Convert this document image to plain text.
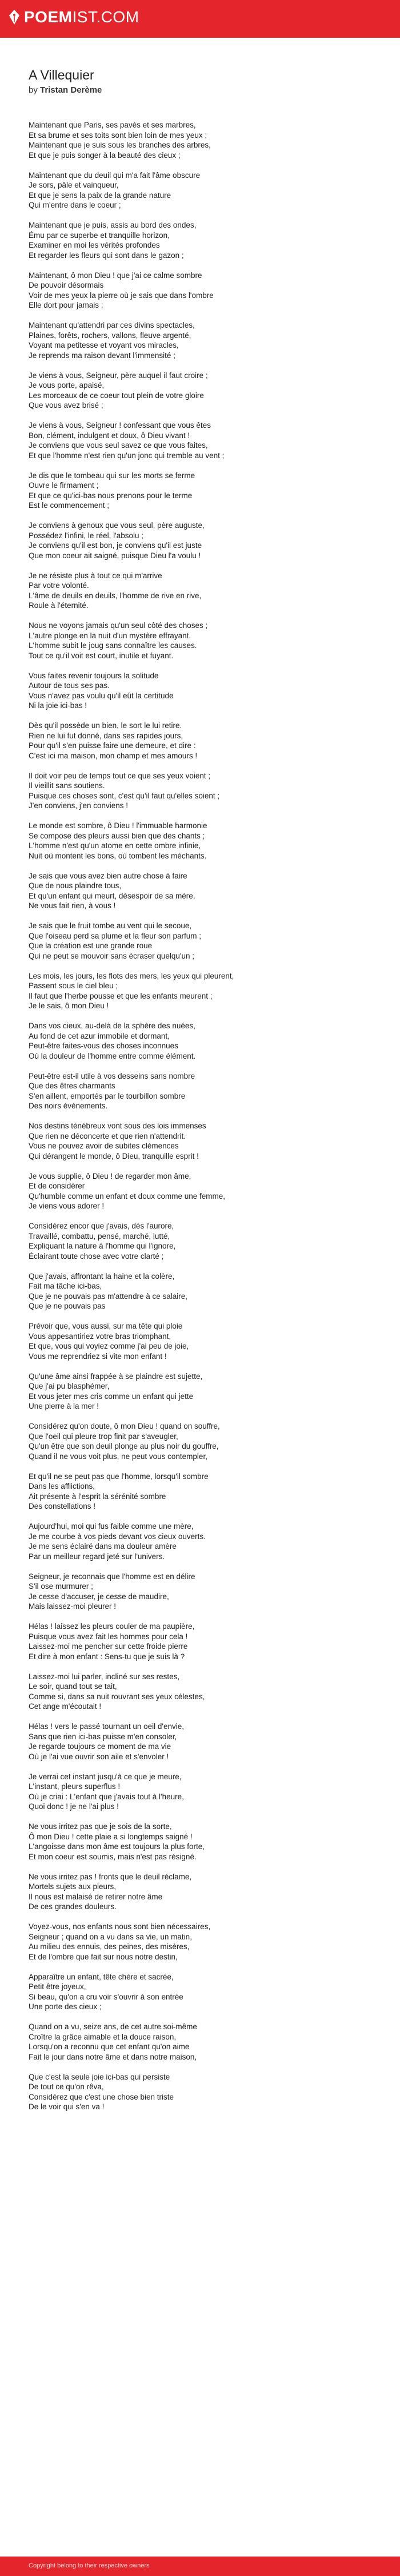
POEMIST.COM
A Villequier
by Tristan Derème
Maintenant que Paris, ses pavés et ses marbres,
Et sa brume et ses toits sont bien loin de mes yeux ;
Maintenant que je suis sous les branches des arbres,
Et que je puis songer à la beauté des cieux ;
Maintenant que du deuil qui m'a fait l'âme obscure
Je sors, pâle et vainqueur,
Et que je sens la paix de la grande nature
Qui m'entre dans le coeur ;
Maintenant que je puis, assis au bord des ondes,
Ému par ce superbe et tranquille horizon,
Examiner en moi les vérités profondes
Et regarder les fleurs qui sont dans le gazon ;
Maintenant, ô mon Dieu ! que j'ai ce calme sombre
De pouvoir désormais
Voir de mes yeux la pierre où je sais que dans l'ombre
Elle dort pour jamais ;
Maintenant qu'attendri par ces divins spectacles,
Plaines, forêts, rochers, vallons, fleuve argenté,
Voyant ma petitesse et voyant vos miracles,
Je reprends ma raison devant l'immensité ;
Je viens à vous, Seigneur, père auquel il faut croire ;
Je vous porte, apaisé,
Les morceaux de ce coeur tout plein de votre gloire
Que vous avez brisé ;
Je viens à vous, Seigneur ! confessant que vous êtes
Bon, clément, indulgent et doux, ô Dieu vivant !
Je conviens que vous seul savez ce que vous faites,
Et que l'homme n'est rien qu'un jonc qui tremble au vent ;
Je dis que le tombeau qui sur les morts se ferme
Ouvre le firmament ;
Et que ce qu'ici-bas nous prenons pour le terme
Est le commencement ;
Je conviens à genoux que vous seul, père auguste,
Possédez l'infini, le réel, l'absolu ;
Je conviens qu'il est bon, je conviens qu'il est juste
Que mon coeur ait saigné, puisque Dieu l'a voulu !
Je ne résiste plus à tout ce qui m'arrive
Par votre volonté.
L'âme de deuils en deuils, l'homme de rive en rive,
Roule à l'éternité.
Nous ne voyons jamais qu'un seul côté des choses ;
L'autre plonge en la nuit d'un mystère effrayant.
L'homme subit le joug sans connaître les causes.
Tout ce qu'il voit est court, inutile et fuyant.
Vous faites revenir toujours la solitude
Autour de tous ses pas.
Vous n'avez pas voulu qu'il eût la certitude
Ni la joie ici-bas !
Dès qu'il possède un bien, le sort le lui retire.
Rien ne lui fut donné, dans ses rapides jours,
Pour qu'il s'en puisse faire une demeure, et dire :
C'est ici ma maison, mon champ et mes amours !
Il doit voir peu de temps tout ce que ses yeux voient ;
Il vieillit sans soutiens.
Puisque ces choses sont, c'est qu'il faut qu'elles soient ;
J'en conviens, j'en conviens !
Le monde est sombre, ô Dieu ! l'immuable harmonie
Se compose des pleurs aussi bien que des chants ;
L'homme n'est qu'un atome en cette ombre infinie,
Nuit où montent les bons, où tombent les méchants.
Je sais que vous avez bien autre chose à faire
Que de nous plaindre tous,
Et qu'un enfant qui meurt, désespoir de sa mère,
Ne vous fait rien, à vous !
Je sais que le fruit tombe au vent qui le secoue,
Que l'oiseau perd sa plume et la fleur son parfum ;
Que la création est une grande roue
Qui ne peut se mouvoir sans écraser quelqu'un ;
Les mois, les jours, les flots des mers, les yeux qui pleurent,
Passent sous le ciel bleu ;
Il faut que l'herbe pousse et que les enfants meurent ;
Je le sais, ô mon Dieu !
Dans vos cieux, au-delà de la sphère des nuées,
Au fond de cet azur immobile et dormant,
Peut-être faites-vous des choses inconnues
Où la douleur de l'homme entre comme élément.
Peut-être est-il utile à vos desseins sans nombre
Que des êtres charmants
S'en aillent, emportés par le tourbillon sombre
Des noirs événements.
Nos destins ténébreux vont sous des lois immenses
Que rien ne déconcerte et que rien n'attendrit.
Vous ne pouvez avoir de subites clémences
Qui dérangent le monde, ô Dieu, tranquille esprit !
Je vous supplie, ô Dieu ! de regarder mon âme,
Et de considérer
Qu'humble comme un enfant et doux comme une femme,
Je viens vous adorer !
Considérez encor que j'avais, dès l'aurore,
Travaillé, combattu, pensé, marché, lutté,
Expliquant la nature à l'homme qui l'ignore,
Éclairant toute chose avec votre clarté ;
Que j'avais, affrontant la haine et la colère,
Fait ma tâche ici-bas,
Que je ne pouvais pas m'attendre à ce salaire,
Que je ne pouvais pas
Prévoir que, vous aussi, sur ma tête qui ploie
Vous appesantiriez votre bras triomphant,
Et que, vous qui voyiez comme j'ai peu de joie,
Vous me reprendriez si vite mon enfant !
Qu'une âme ainsi frappée à se plaindre est sujette,
Que j'ai pu blasphémer,
Et vous jeter mes cris comme un enfant qui jette
Une pierre à la mer !
Considérez qu'on doute, ô mon Dieu ! quand on souffre,
Que l'oeil qui pleure trop finit par s'aveugler,
Qu'un être que son deuil plonge au plus noir du gouffre,
Quand il ne vous voit plus, ne peut vous contempler,
Et qu'il ne se peut pas que l'homme, lorsqu'il sombre
Dans les afflictions,
Ait présente à l'esprit la sérénité sombre
Des constellations !
Aujourd'hui, moi qui fus faible comme une mère,
Je me courbe à vos pieds devant vos cieux ouverts.
Je me sens éclairé dans ma douleur amère
Par un meilleur regard jeté sur l'univers.
Seigneur, je reconnais que l'homme est en délire
S'il ose murmurer ;
Je cesse d'accuser, je cesse de maudire,
Mais laissez-moi pleurer !
Hélas ! laissez les pleurs couler de ma paupière,
Puisque vous avez fait les hommes pour cela !
Laissez-moi me pencher sur cette froide pierre
Et dire à mon enfant : Sens-tu que je suis là ?
Laissez-moi lui parler, incliné sur ses restes,
Le soir, quand tout se tait,
Comme si, dans sa nuit rouvrant ses yeux célestes,
Cet ange m'écoutait !
Hélas ! vers le passé tournant un oeil d'envie,
Sans que rien ici-bas puisse m'en consoler,
Je regarde toujours ce moment de ma vie
Où je l'ai vue ouvrir son aile et s'envoler !
Je verrai cet instant jusqu'à ce que je meure,
L'instant, pleurs superflus !
Où je criai : L'enfant que j'avais tout à l'heure,
Quoi donc ! je ne l'ai plus !
Ne vous irritez pas que je sois de la sorte,
Ô mon Dieu ! cette plaie a si longtemps saigné !
L'angoisse dans mon âme est toujours la plus forte,
Et mon coeur est soumis, mais n'est pas résigné.
Ne vous irritez pas ! fronts que le deuil réclame,
Mortels sujets aux pleurs,
Il nous est malaisé de retirer notre âme
De ces grandes douleurs.
Voyez-vous, nos enfants nous sont bien nécessaires,
Seigneur ; quand on a vu dans sa vie, un matin,
Au milieu des ennuis, des peines, des misères,
Et de l'ombre que fait sur nous notre destin,
Apparaître un enfant, tête chère et sacrée,
Petit être joyeux,
Si beau, qu'on a cru voir s'ouvrir à son entrée
Une porte des cieux ;
Quand on a vu, seize ans, de cet autre soi-même
Croître la grâce aimable et la douce raison,
Lorsqu'on a reconnu que cet enfant qu'on aime
Fait le jour dans notre âme et dans notre maison,
Que c'est la seule joie ici-bas qui persiste
De tout ce qu'on rêva,
Considérez que c'est une chose bien triste
De le voir qui s'en va !
Copyright belong to their respective owners
